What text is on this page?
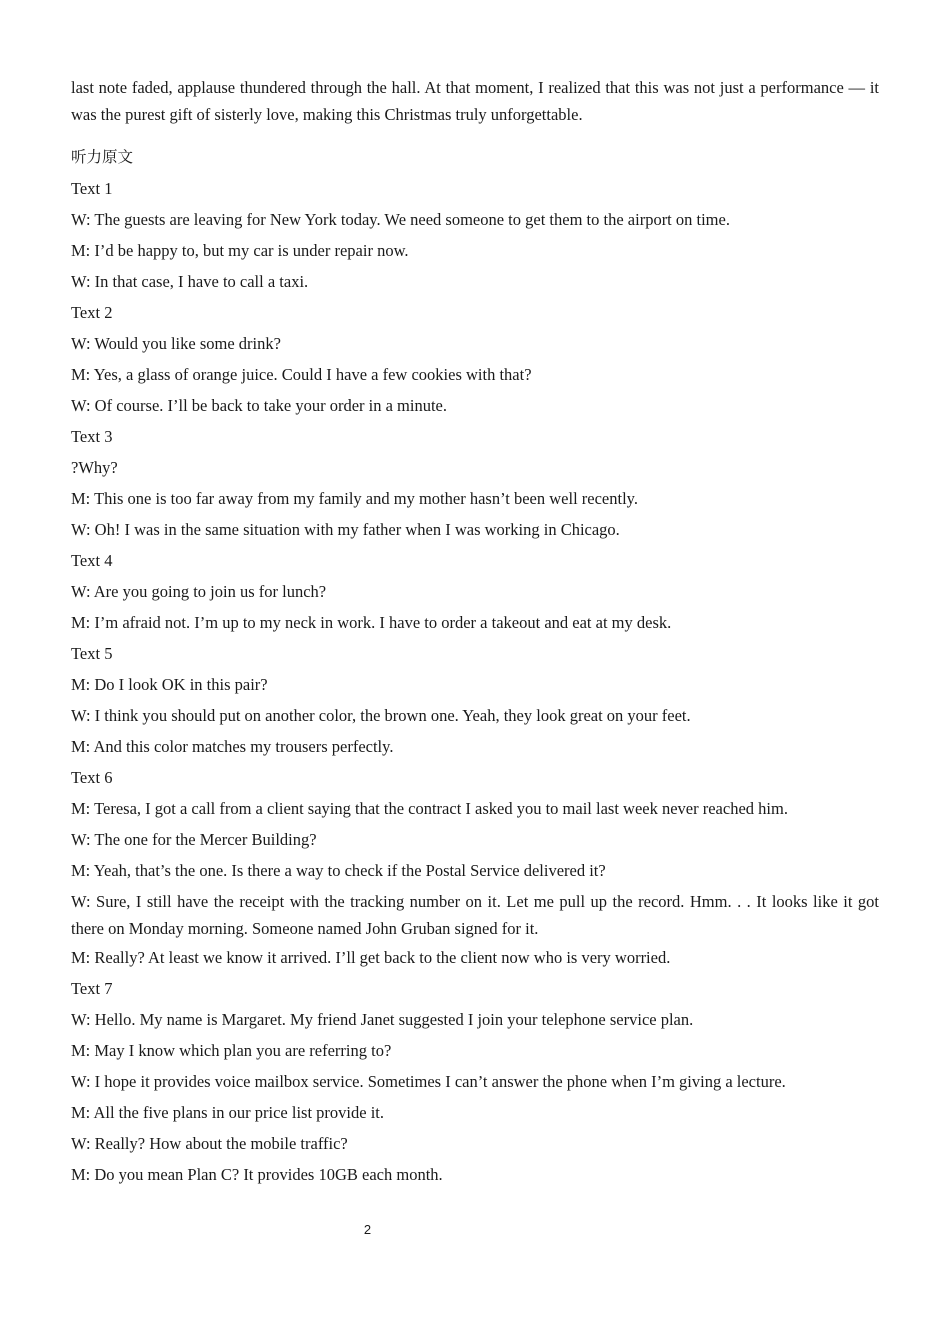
last note faded, applause thundered through the hall. At that moment, I realized that this was not just a performance — it was the purest gift of sisterly love, making this Christmas truly unforgettable.

听力原文

Text 1

W: The guests are leaving for New York today. We need someone to get them to the airport on time.

M: I’d be happy to, but my car is under repair now.

W: In that case, I have to call a taxi.

Text 2

W: Would you like some drink?

M: Yes, a glass of orange juice. Could I have a few cookies with that?

W: Of course. I’ll be back to take your order in a minute.

Text 3

?Why?

M: This one is too far away from my family and my mother hasn’t been well recently.

W: Oh! I was in the same situation with my father when I was working in Chicago.

Text 4

W: Are you going to join us for lunch?

M: I’m afraid not. I’m up to my neck in work. I have to order a takeout and eat at my desk.

Text 5

M: Do I look OK in this pair?

W: I think you should put on another color, the brown one. Yeah, they look great on your feet.

M: And this color matches my trousers perfectly.

Text 6

M: Teresa, I got a call from a client saying that the contract I asked you to mail last week never reached him.

W: The one for the Mercer Building?

M: Yeah, that’s the one. Is there a way to check if the Postal Service delivered it?

W: Sure, I still have the receipt with the tracking number on it. Let me pull up the record. Hmm. . . It looks like it got there on Monday morning. Someone named John Gruban signed for it.

M: Really? At least we know it arrived. I’ll get back to the client now who is very worried.

Text 7

W: Hello. My name is Margaret. My friend Janet suggested I join your telephone service plan.

M: May I know which plan you are referring to?

W: I hope it provides voice mailbox service. Sometimes I can’t answer the phone when I’m giving a lecture.

M: All the five plans in our price list provide it.

W: Really? How about the mobile traffic?

M: Do you mean Plan C? It provides 10GB each month.

2
